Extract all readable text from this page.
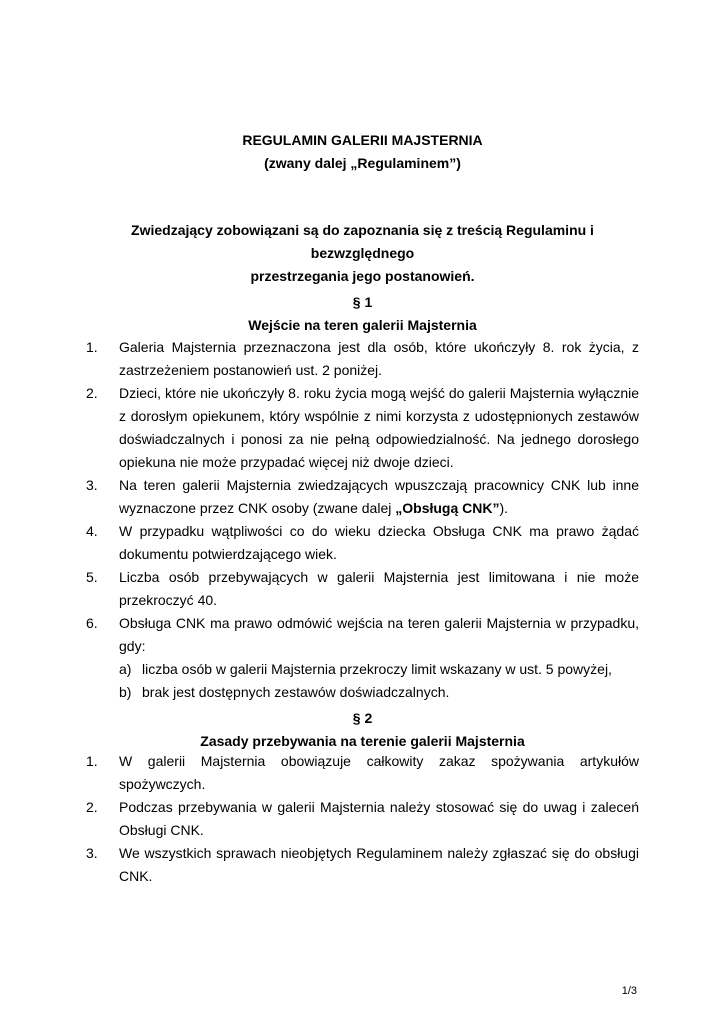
REGULAMIN GALERII MAJSTERNIA
(zwany dalej „Regulaminem”)
Zwiedzający zobowiązani są do zapoznania się z treścią Regulaminu i bezwzględnego
przestrzegania jego postanowień.
§ 1
Wejście na teren galerii Majsternia
1. Galeria Majsternia przeznaczona jest dla osób, które ukończyły 8. rok życia, z zastrzeżeniem postanowień ust. 2 poniżej.
2. Dzieci, które nie ukończyły 8. roku życia mogą wejść do galerii Majsternia wyłącznie z dorosłym opiekunem, który wspólnie z nimi korzysta z udostępnionych zestawów doświadczalnych i ponosi za nie pełną odpowiedzialność. Na jednego dorosłego opiekuna nie może przypadać więcej niż dwoje dzieci.
3. Na teren galerii Majsternia zwiedzających wpuszczają pracownicy CNK lub inne wyznaczone przez CNK osoby (zwane dalej „Obsługą CNK”).
4. W przypadku wątpliwości co do wieku dziecka Obsługa CNK ma prawo żądać dokumentu potwierdzającego wiek.
5. Liczba osób przebywających w galerii Majsternia jest limitowana i nie może przekroczyć 40.
6. Obsługa CNK ma prawo odmówić wejścia na teren galerii Majsternia w przypadku, gdy:
a) liczba osób w galerii Majsternia przekroczy limit wskazany w ust. 5 powyżej,
b) brak jest dostępnych zestawów doświadczalnych.
§ 2
Zasady przebywania na terenie galerii Majsternia
1. W galerii Majsternia obowiązuje całkowity zakaz spożywania artykułów spożywczych.
2. Podczas przebywania w galerii Majsternia należy stosować się do uwag i zaleceń Obsługi CNK.
3. We wszystkich sprawach nieobjętych Regulaminem należy zgłaszać się do obsługi CNK.
1/3
